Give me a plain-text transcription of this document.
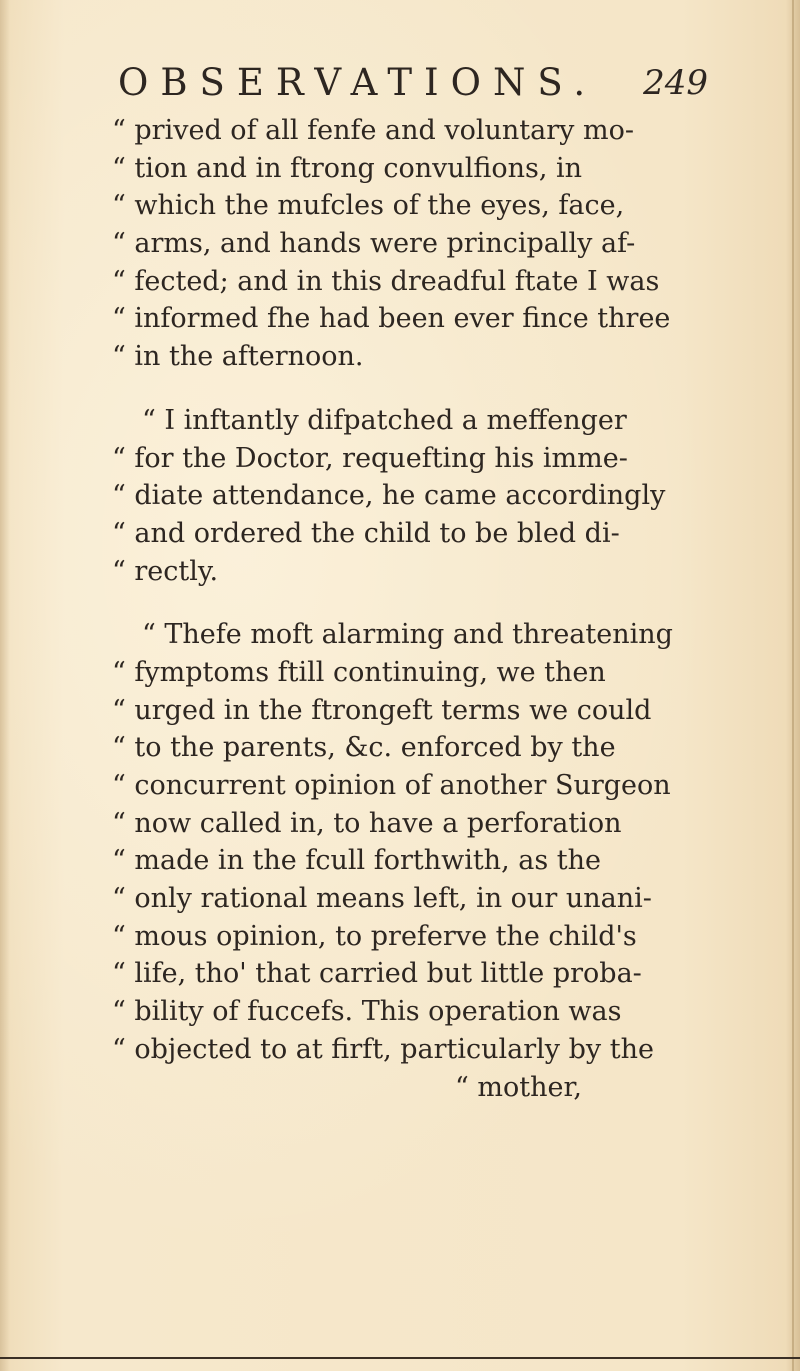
OBSERVATIONS. 249
“ prived of all fenfe and voluntary mo-
“ tion and in ftrong convulfions, in
“ which the mufcles of the eyes, face,
“ arms, and hands were principally af-
“ fected; and in this dreadful ftate I was
“ informed fhe had been ever fince three
“ in the afternoon.
“ I inftantly difpatched a meffenger
“ for the Doctor, requefting his imme-
“ diate attendance, he came accordingly
“ and ordered the child to be bled di-
“ rectly.
“ Thefe moft alarming and threatening
“ fymptoms ftill continuing, we then
“ urged in the ftrongeft terms we could
“ to the parents, &c. enforced by the
“ concurrent opinion of another Surgeon
“ now called in, to have a perforation
“ made in the fcull forthwith, as the
“ only rational means left, in our unani-
“ mous opinion, to preferve the child's
“ life, tho' that carried but little proba-
“ bility of fuccefs. This operation was
“ objected to at firft, particularly by the
“ mother,
